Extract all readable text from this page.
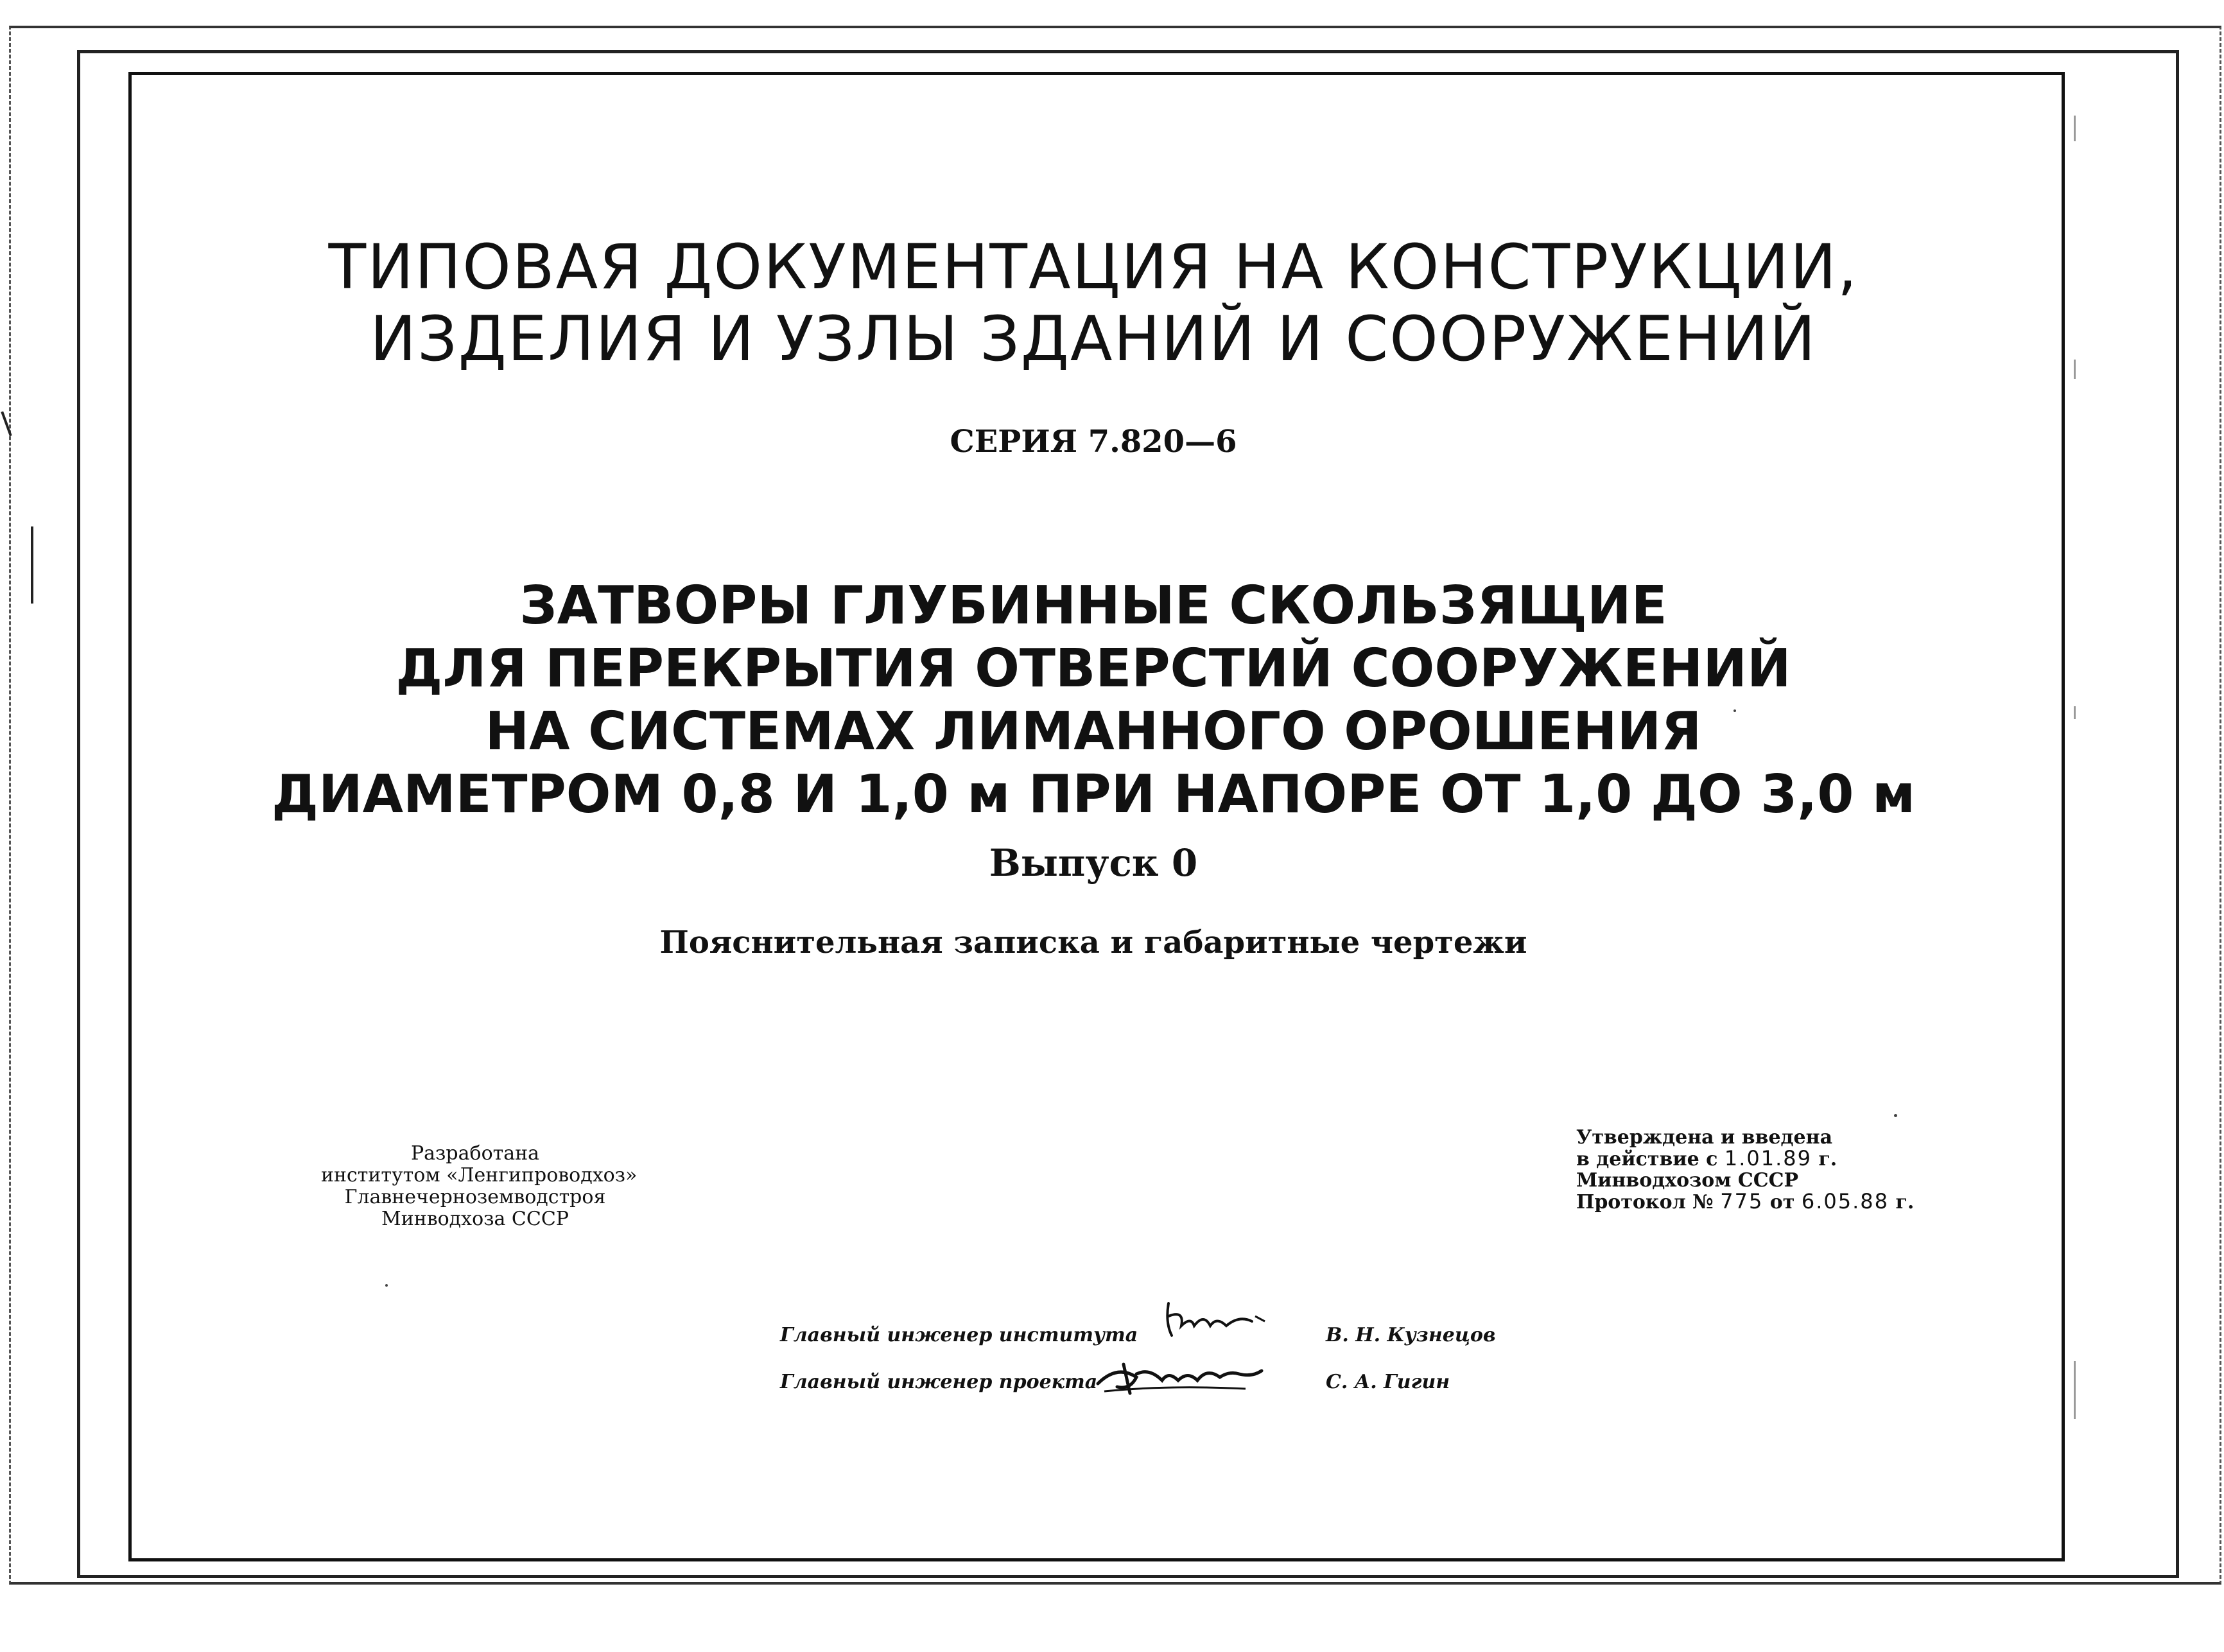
ТИПОВАЯ ДОКУМЕНТАЦИЯ НА КОНСТРУКЦИИ,
ИЗДЕЛИЯ И УЗЛЫ ЗДАНИЙ И СООРУЖЕНИЙ
СЕРИЯ 7.820—6
ЗАТВОРЫ ГЛУБИННЫЕ СКОЛЬЗЯЩИЕ
ДЛЯ ПЕРЕКРЫТИЯ ОТВЕРСТИЙ СООРУЖЕНИЙ
НА СИСТЕМАХ ЛИМАННОГО ОРОШЕНИЯ
ДИАМЕТРОМ 0,8 И 1,0 м ПРИ НАПОРЕ ОТ 1,0 ДО 3,0 м
Выпуск 0
Пояснительная записка и габаритные чертежи
Разработана
институтом «Ленгипроводхоз»
Главнечерноземводстроя
Минводхоза СССР
Утверждена и введена
в действие с 1.01.89 г.
Минводхозом СССР
Протокол № 775 от 6.05.88 г.
Главный инженер института	В. Н. Кузнецов
Главный инженер проекта	С. А. Гигин
